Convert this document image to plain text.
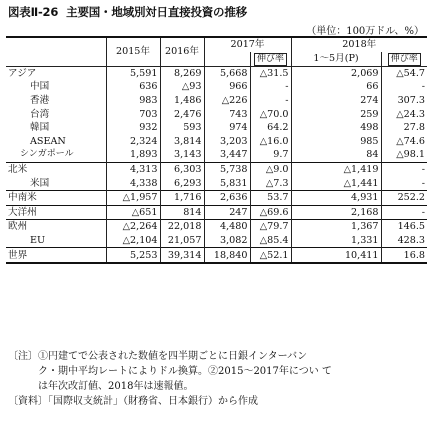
図表Ⅱ-26 主要国・地域別対日直接投資の推移
（単位：100万ドル、%）
	2015年	2016年	2017年		2018年	

				伸び率	1～5月(P)	伸び率
アジア	5,591	8,269	5,668	△31.5	2,069	△54.7
中国	636	△93	966	-	66	-
香港	983	1,486	△226	-	274	307.3
台湾	703	2,476	743	△70.0	259	△24.3
韓国	932	593	974	64.2	498	27.8
ASEAN	2,324	3,814	3,203	△16.0	985	△74.6
シンガポール	1,893	3,143	3,447	9.7	84	△98.1
北米	4,313	6,303	5,738	△9.0	△1,419	-
米国	4,338	6,293	5,831	△7.3	△1,441	-
中南米	△1,957	1,716	2,636	53.7	4,931	252.2
大洋州	△651	814	247	△69.6	2,168	-
欧州	△2,264	22,018	4,480	△79.7	1,367	146.5
EU	△2,104	21,057	3,082	△85.4	1,331	428.3
世界	5,253	39,314	18,840	△52.1	10,411	16.8
〔注〕①円建てで公表された数値を四半期ごとに日銀インターバン
　　　ク・期中平均レートによりドル換算。②2015～2017年につい て
　　　は年次改訂値、2018年は速報値。
〔資料〕「国際収支統計」（財務省、日本銀行）から作成
